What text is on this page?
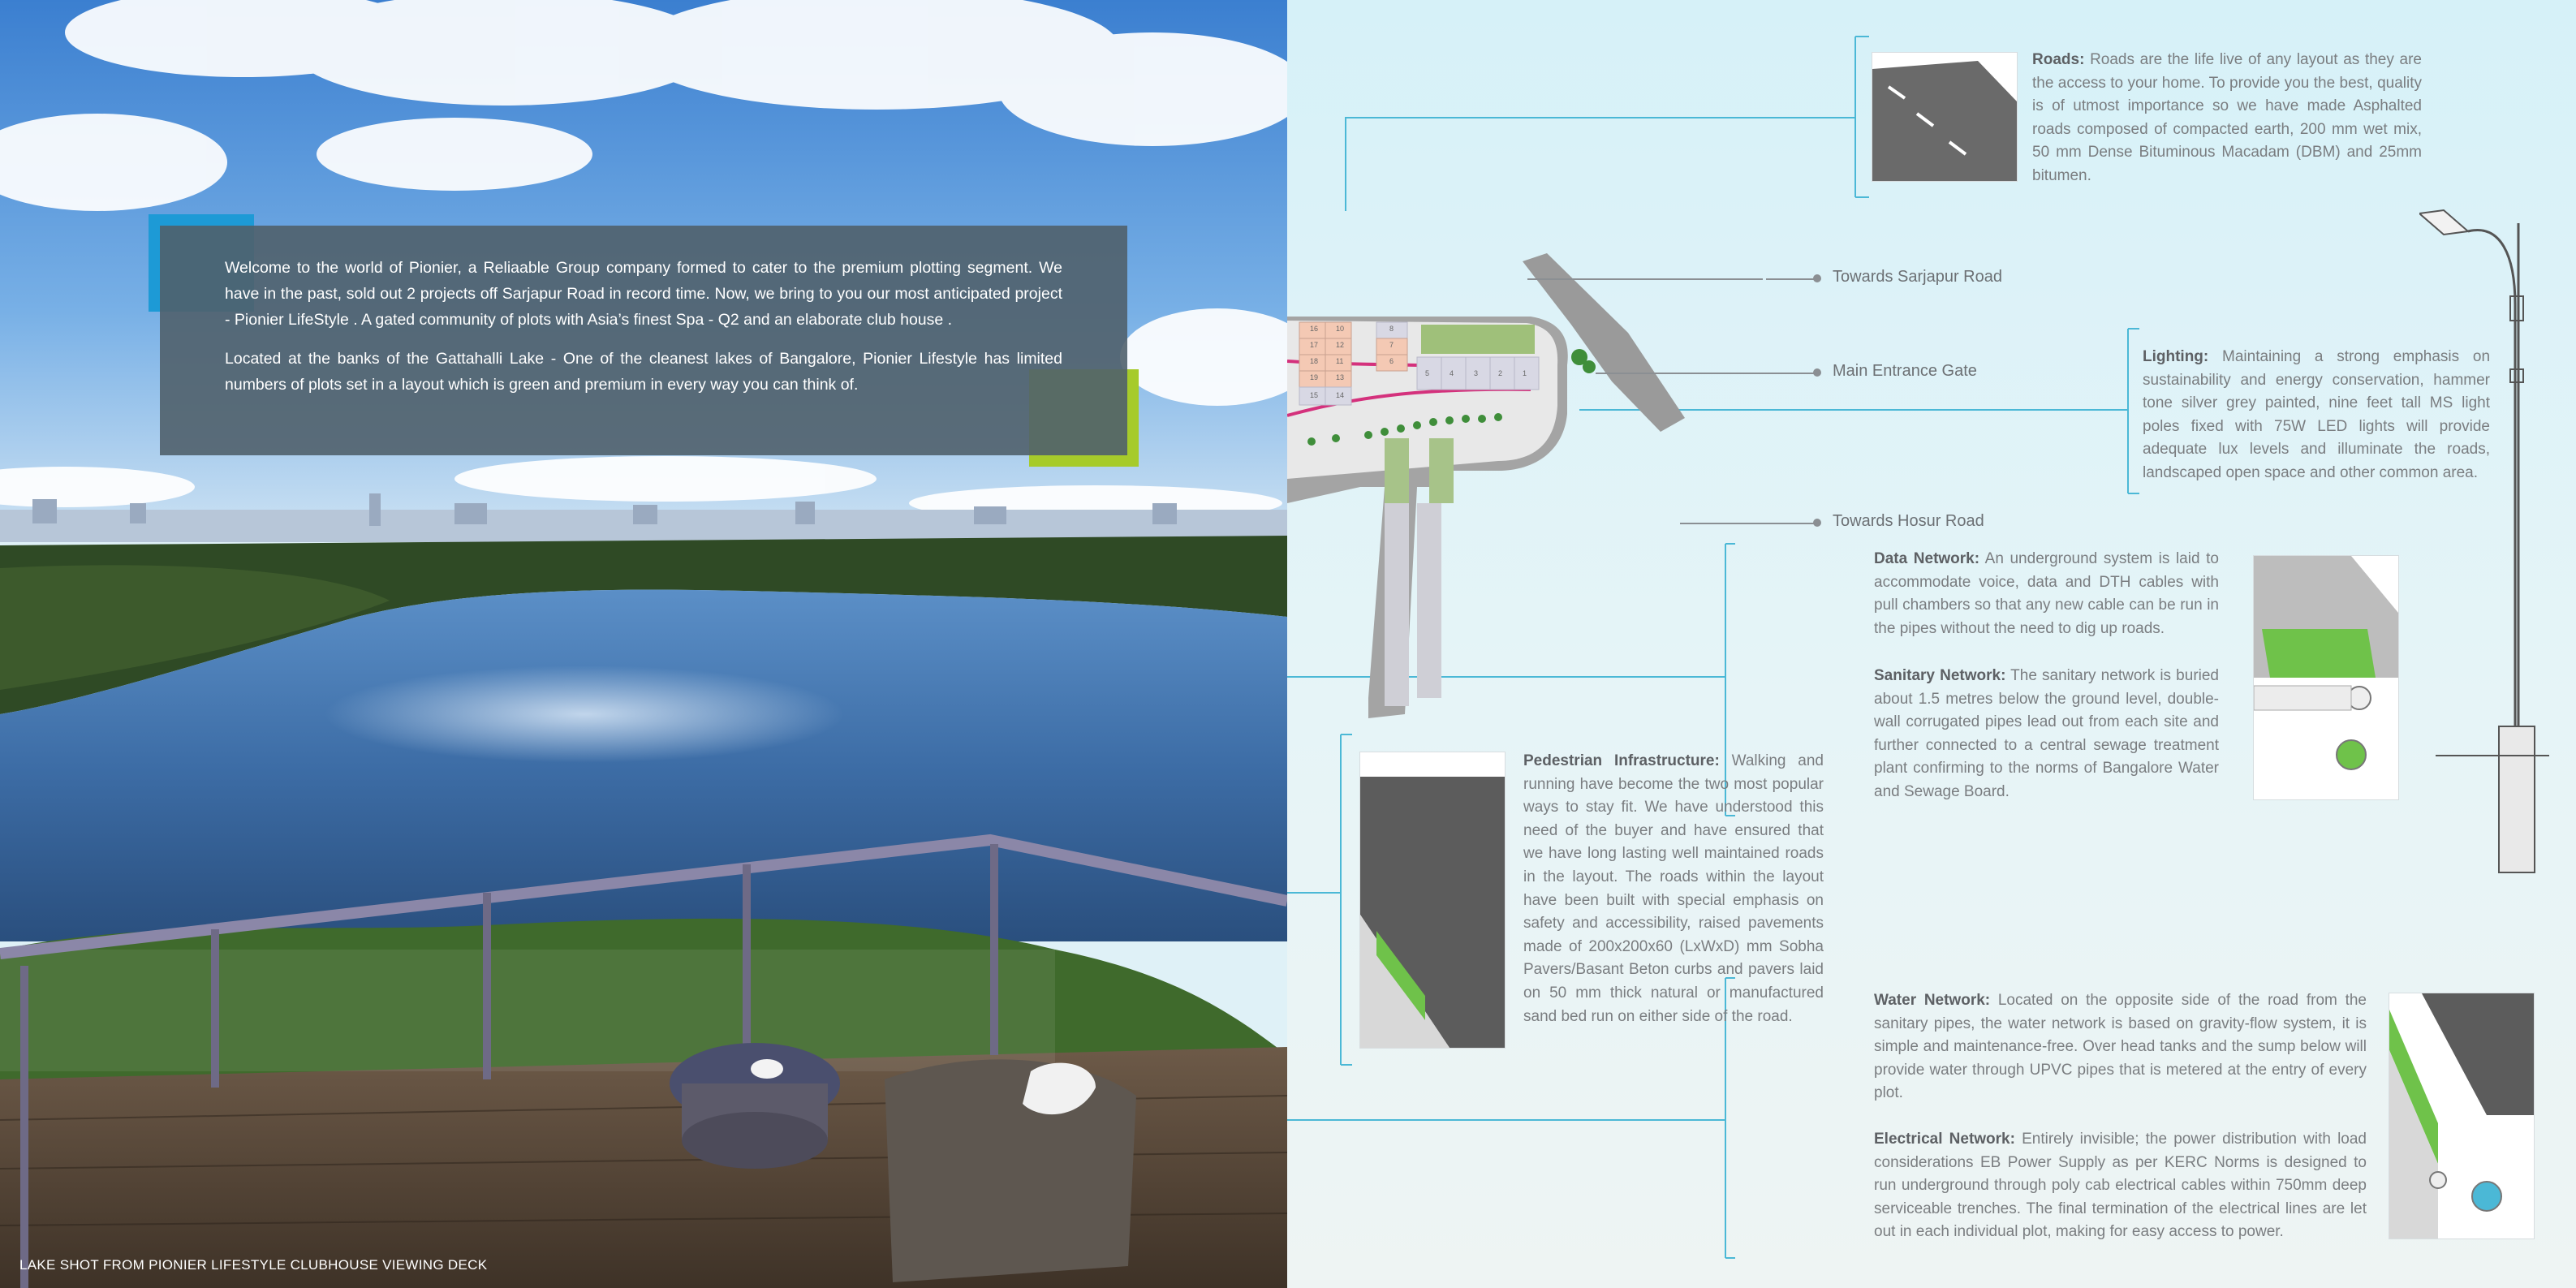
Welcome to the world of Pionier, a Reliaable Group company formed to cater to the premium plotting segment. We have in the past, sold out 2 projects off Sarjapur Road in record time. Now, we bring to you our most anticipated project - Pionier LifeStyle . A gated community of plots with Asia’s finest Spa - Q2 and an elaborate club house .

Located at the banks of the Gattahalli Lake - One of the cleanest lakes of Bangalore, Pionier Lifestyle has limited numbers of plots set in a layout which is green and premium in every way you can think of.

LAKE SHOT FROM PIONIER LIFESTYLE CLUBHOUSE VIEWING DECK
16
17
18
19
15 14
13
11
12
10	8
7
6
5	4	3	2	1
Towards Sarjapur Road
Main Entrance Gate
Towards Hosur Road
Roads: Roads are the life live of any layout as they are the access to your home. To provide you the best, quality is of utmost importance so we have made Asphalted roads composed of compacted earth, 200 mm wet mix, 50 mm Dense Bituminous Macadam (DBM) and 25mm bitumen.
Lighting: Maintaining a strong emphasis on sustainability and energy conservation, hammer tone silver grey painted, nine feet tall MS light poles fixed with 75W LED lights will provide adequate lux levels and illuminate the roads, landscaped open space and other common area.
Data Network: An underground system is laid to accommodate voice, data and DTH cables with pull chambers so that any new cable can be run in the pipes without the need to dig up roads.
Sanitary Network: The sanitary network is buried about 1.5 metres below the ground level, double-wall corrugated pipes lead out from each site and further connected to a central sewage treatment plant confirming to the norms of Bangalore Water and Sewage Board.
Pedestrian Infrastructure: Walking and running have become the two most popular ways to stay fit. We have understood this need of the buyer and have ensured that we have long lasting well maintained roads in the layout. The roads within the layout have been built with special emphasis on safety and accessibility, raised pavements made of 200x200x60 (LxWxD) mm Sobha Pavers/Basant Beton curbs and pavers laid on 50 mm thick natural or manufactured sand bed run on either side of the road.
Water Network: Located on the opposite side of the road from the sanitary pipes, the water network is based on gravity-flow system, it is simple and maintenance-free. Over head tanks and the sump below will provide water through UPVC pipes that is metered at the entry of every plot.
Electrical Network: Entirely invisible; the power distribution with load considerations EB Power Supply as per KERC Norms is designed to run underground through poly cab electrical cables within 750mm deep serviceable trenches. The final termination of the electrical lines are let out in each individual plot, making for easy access to power.
